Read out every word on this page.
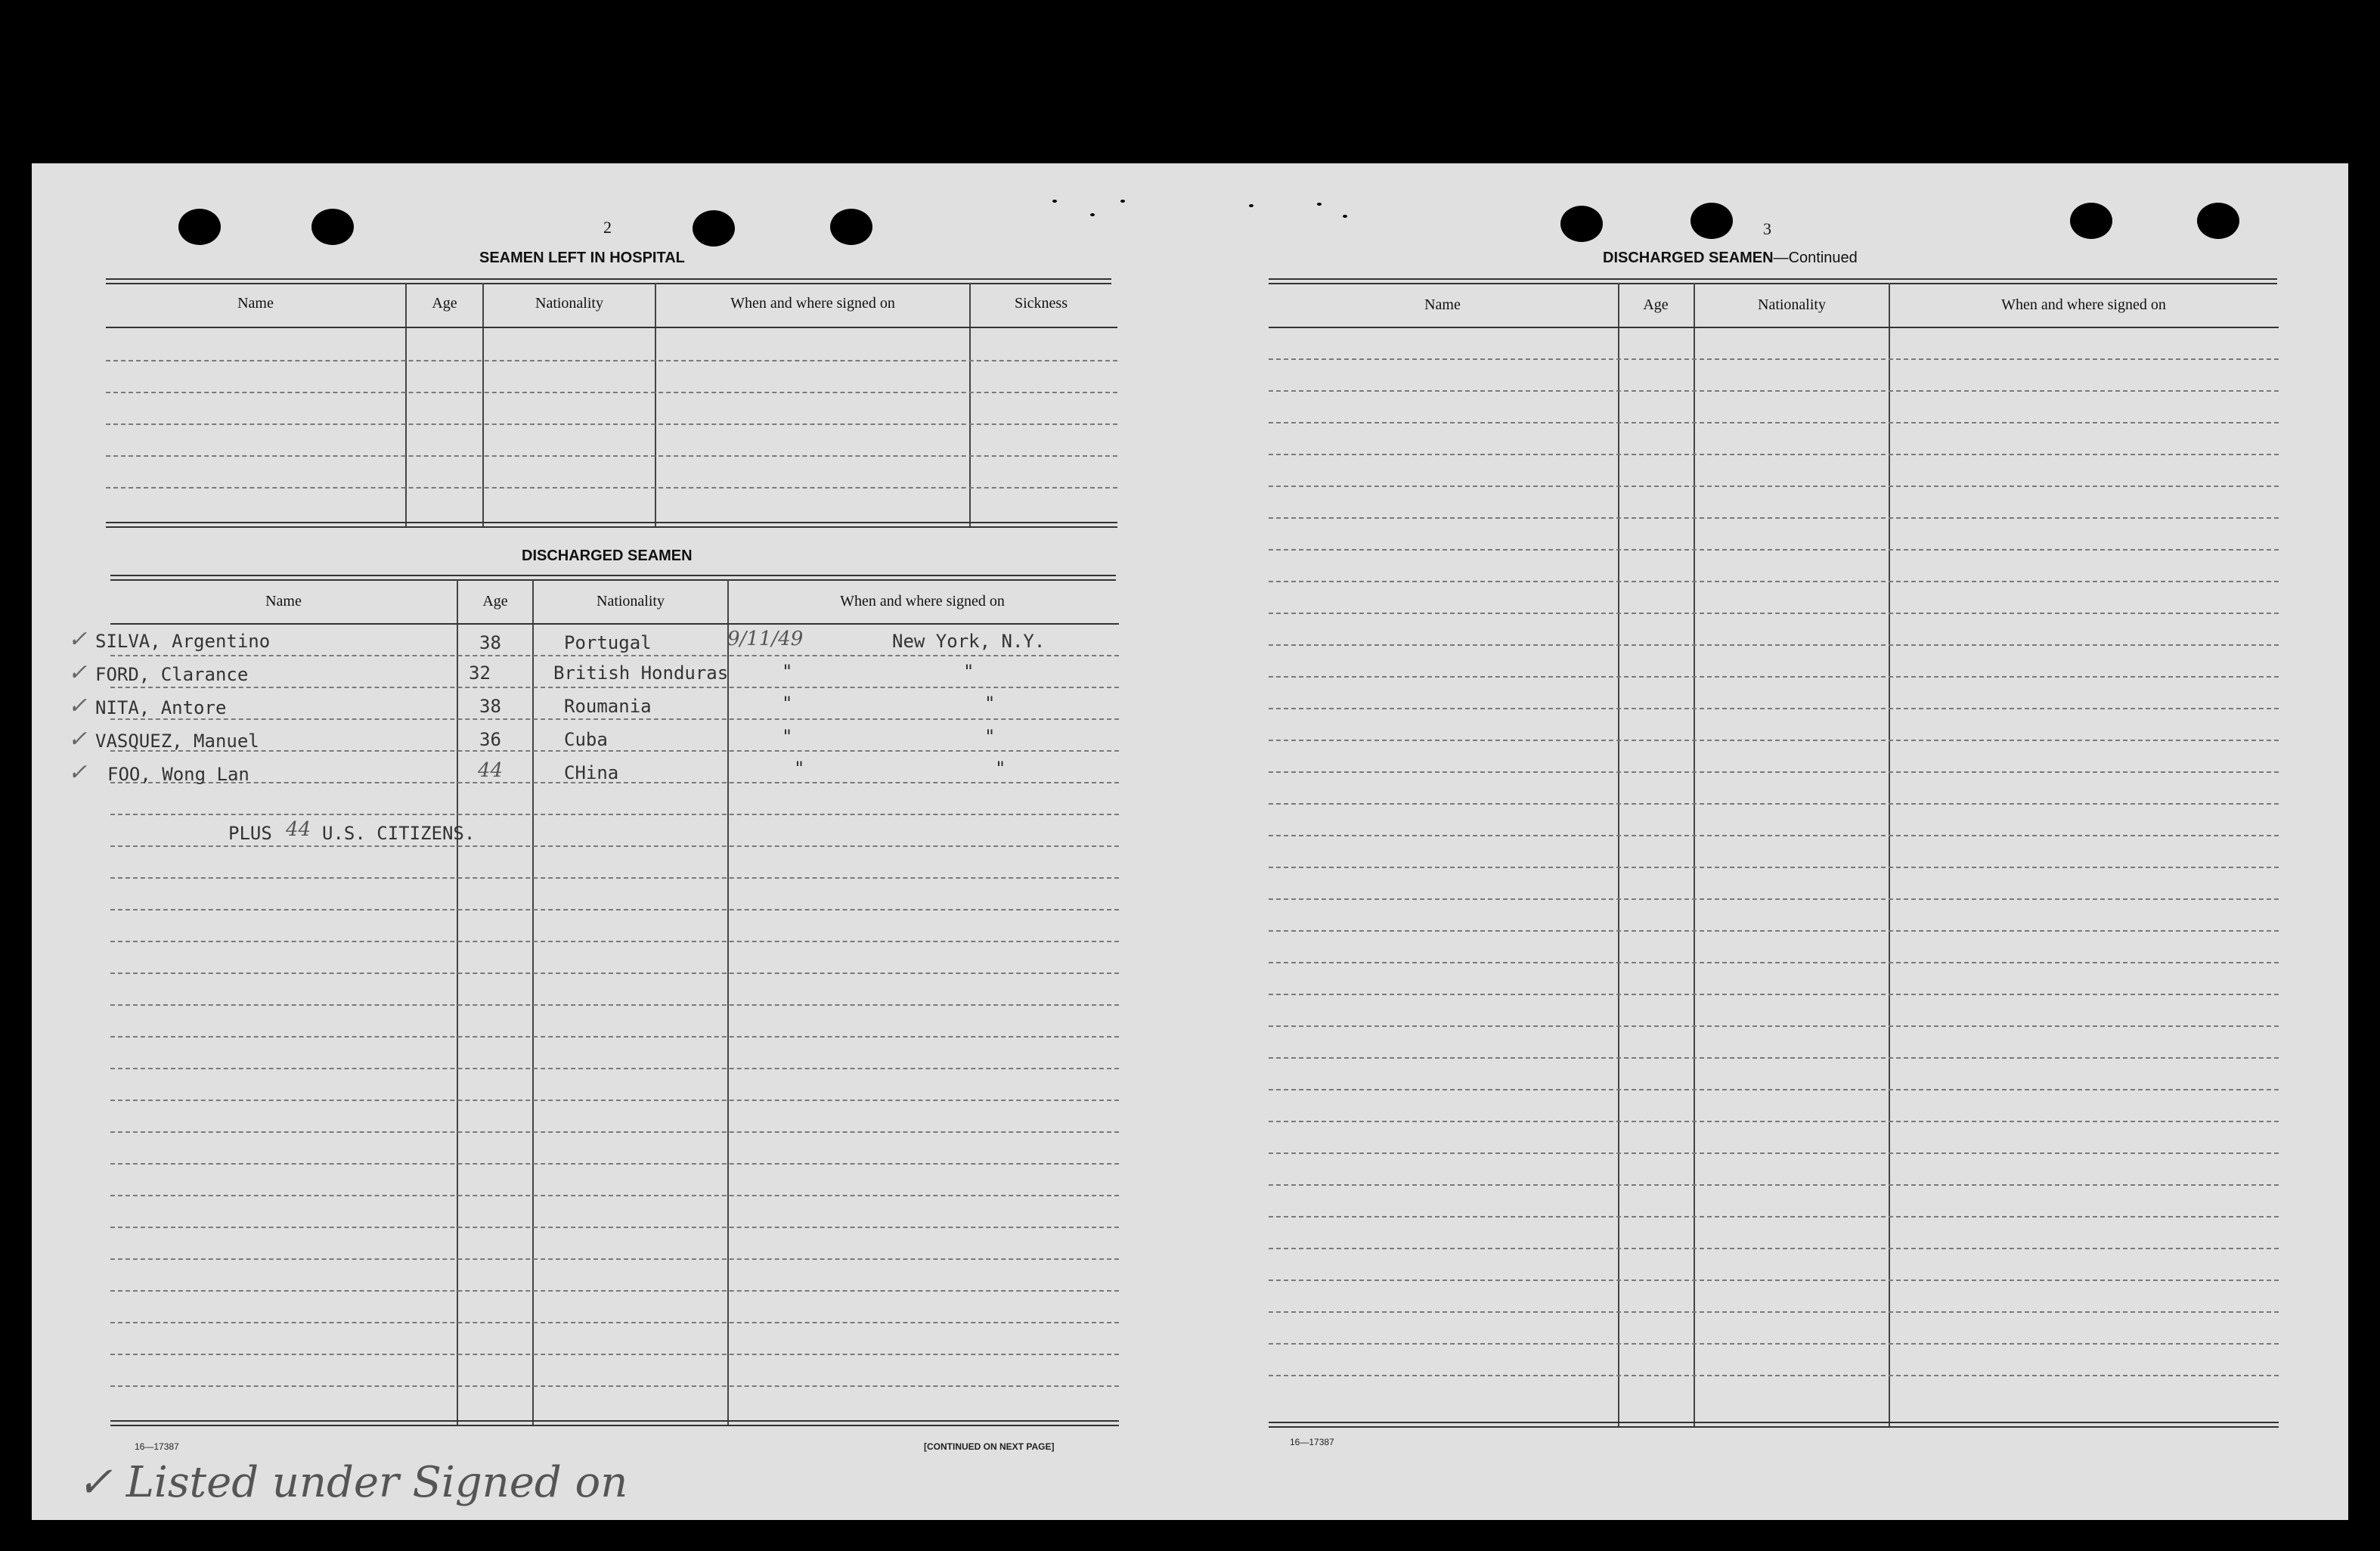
2
SEAMEN LEFT IN HOSPITAL
Name	Age	Nationality	When and where signed on	Sickness
DISCHARGED SEAMEN
Name	Age	Nationality	When and where signed on
✓ SILVA, Argentino	38	Portugal	9/11/49	New York, N.Y.
✓ FORD, Clarance	32	British Honduras	"	"
✓ NITA, Antore	38	Roumania	"	"
✓ VASQUEZ, Manuel	36	Cuba	"	"
✓ FOO, Wong Lan	44	CHina	"	"
PLUS 44 U.S. CITIZENS.
16—17387	[CONTINUED ON NEXT PAGE]
✓ Listed under Signed on
3
DISCHARGED SEAMEN—Continued
Name	Age	Nationality	When and where signed on
16—17387
